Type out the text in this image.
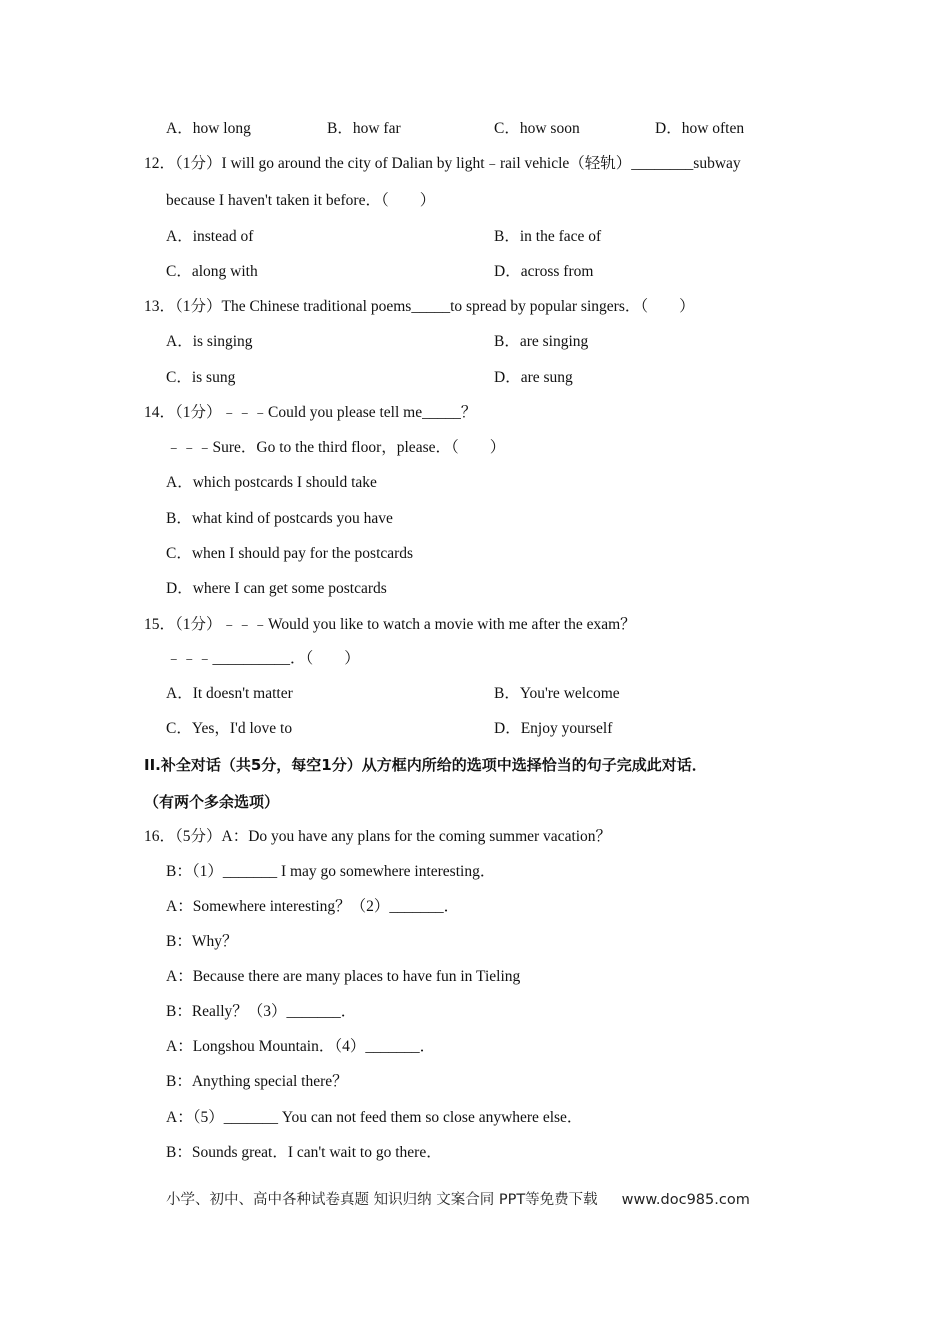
A．how long	B．how far	C．how soon	D．how often
12．（1分）I will go around the city of Dalian by light﹣rail vehicle（轻轨）________subway
because I haven't taken it before．（　　）
A．instead of	B．in the face of
C．along with	D．across from
13．（1分）The Chinese traditional poems_____to spread by popular singers．（　　）
A．is singing	B．are singing
C．is sung	D．are sung
14．（1分）﹣﹣﹣Could you please tell me_____？
﹣﹣﹣Sure．Go to the third floor，please．（　　）
A．which postcards I should take
B．what kind of postcards you have
C．when I should pay for the postcards
D．where I can get some postcards
15．（1分）﹣﹣﹣Would you like to watch a movie with me after the exam？
﹣﹣﹣__________．（　　）
A．It doesn't matter	B．You're welcome
C．Yes，I'd love to	D．Enjoy yourself
II.补全对话（共5分，每空1分）从方框内所给的选项中选择恰当的句子完成此对话．
（有两个多余选项）
16．（5分）A：Do you have any plans for the coming summer vacation？
B：（1）_______ I may go somewhere interesting．
A：Somewhere interesting？（2）_______．
B：Why？
A：Because there are many places to have fun in Tieling
B：Really？（3）_______．
A：Longshou Mountain．（4）_______．
B：Anything special there？
A：（5）_______ You can not feed them so close anywhere else．
B：Sounds great．I can't wait to go there．
小学、初中、高中各种试卷真题 知识归纳 文案合同 PPT等免费下载 www.doc985.com
